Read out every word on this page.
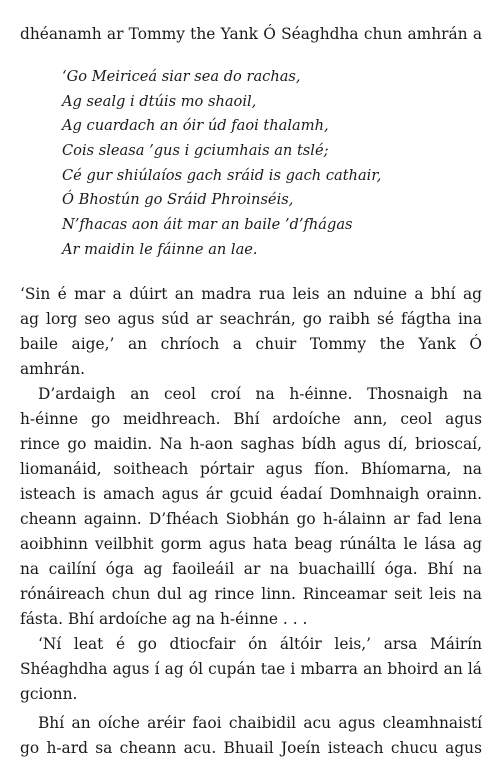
dhéanamh ar Tommy the Yank Ó Séaghdha chun amhrán a
‘Go Meiriceá siar sea do rachas,
Ag sealg i dtúis mo shaoil,
Ag cuardach an óir úd faoi thalamh,
Cois sleasa ’gus i gciumhais an tslé;
Cé gur shiúlaíos gach sráid is gach cathair,
Ó Bhostún go Sráid Phroinséis,
N’fhacas aon áit mar an baile ’d’fhágas
Ar maidin le fáinne an lae.
‘Sin é mar a dúirt an madra rua leis an nduine a bhí ag
ag lorg seo agus súd ar seachrán, go raibh sé fágtha ina
baile aige,’ an chríoch a chuir Tommy the Yank Ó
amhrán.
D’ardaigh an ceol croí na h-éinne. Thosnaigh na
h-éinne go meidhreach. Bhí ardoíche ann, ceol agus
rince go maidin. Na h-aon saghas bídh agus dí, brioscaí,
liomanáid, soitheach pórtair agus fíon. Bhíomarna, na
isteach is amach agus ár gcuid éadaí Domhnaigh orainn.
cheann againn. D’fhéach Siobhán go h-álainn ar fad lena
aoibhinn veilbhit gorm agus hata beag rúnálta le lása ag
na cailíní óga ag faoileáil ar na buachaillí óga. Bhí na
rónáireach chun dul ag rince linn. Rinceamar seit leis na
fásta. Bhí ardoíche ag na h-éinne . . .
‘Ní leat é go dtiocfair ón áltóir leis,’ arsa Máirín
Shéaghdha agus í ag ól cupán tae i mbarra an bhoird an lá
gcionn.
Bhí an oíche aréir faoi chaibidil acu agus cleamhnaistí
go h-ard sa cheann acu. Bhuail Joeín isteach chucu agus
